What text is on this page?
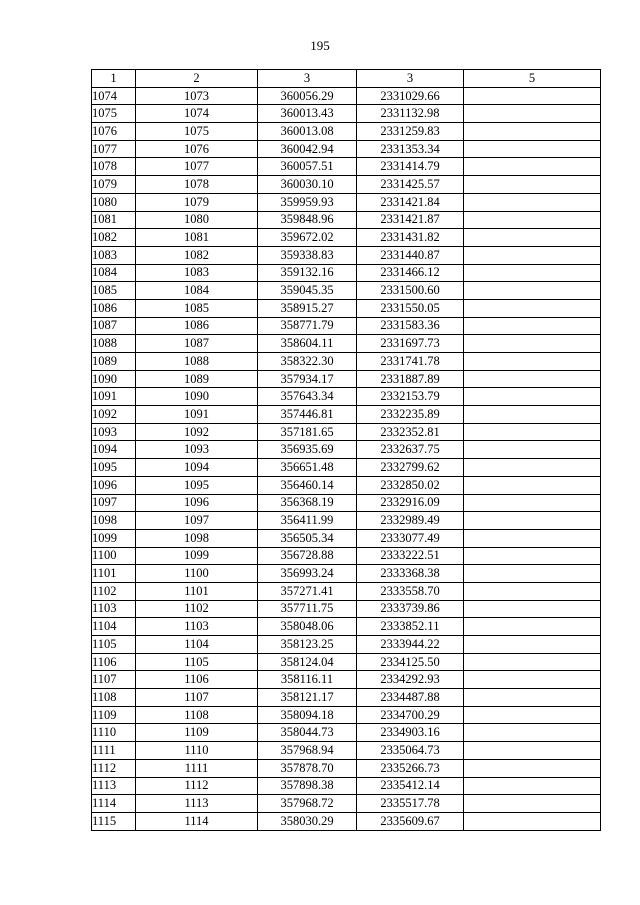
195
1	2	3	3	5
1074	1073	360056.29	2331029.66	
1075	1074	360013.43	2331132.98	
1076	1075	360013.08	2331259.83	
1077	1076	360042.94	2331353.34	
1078	1077	360057.51	2331414.79	
1079	1078	360030.10	2331425.57	
1080	1079	359959.93	2331421.84	
1081	1080	359848.96	2331421.87	
1082	1081	359672.02	2331431.82	
1083	1082	359338.83	2331440.87	
1084	1083	359132.16	2331466.12	
1085	1084	359045.35	2331500.60	
1086	1085	358915.27	2331550.05	
1087	1086	358771.79	2331583.36	
1088	1087	358604.11	2331697.73	
1089	1088	358322.30	2331741.78	
1090	1089	357934.17	2331887.89	
1091	1090	357643.34	2332153.79	
1092	1091	357446.81	2332235.89	
1093	1092	357181.65	2332352.81	
1094	1093	356935.69	2332637.75	
1095	1094	356651.48	2332799.62	
1096	1095	356460.14	2332850.02	
1097	1096	356368.19	2332916.09	
1098	1097	356411.99	2332989.49	
1099	1098	356505.34	2333077.49	
1100	1099	356728.88	2333222.51	
1101	1100	356993.24	2333368.38	
1102	1101	357271.41	2333558.70	
1103	1102	357711.75	2333739.86	
1104	1103	358048.06	2333852.11	
1105	1104	358123.25	2333944.22	
1106	1105	358124.04	2334125.50	
1107	1106	358116.11	2334292.93	
1108	1107	358121.17	2334487.88	
1109	1108	358094.18	2334700.29	
1110	1109	358044.73	2334903.16	
1111	1110	357968.94	2335064.73	
1112	1111	357878.70	2335266.73	
1113	1112	357898.38	2335412.14	
1114	1113	357968.72	2335517.78	
1115	1114	358030.29	2335609.67	
